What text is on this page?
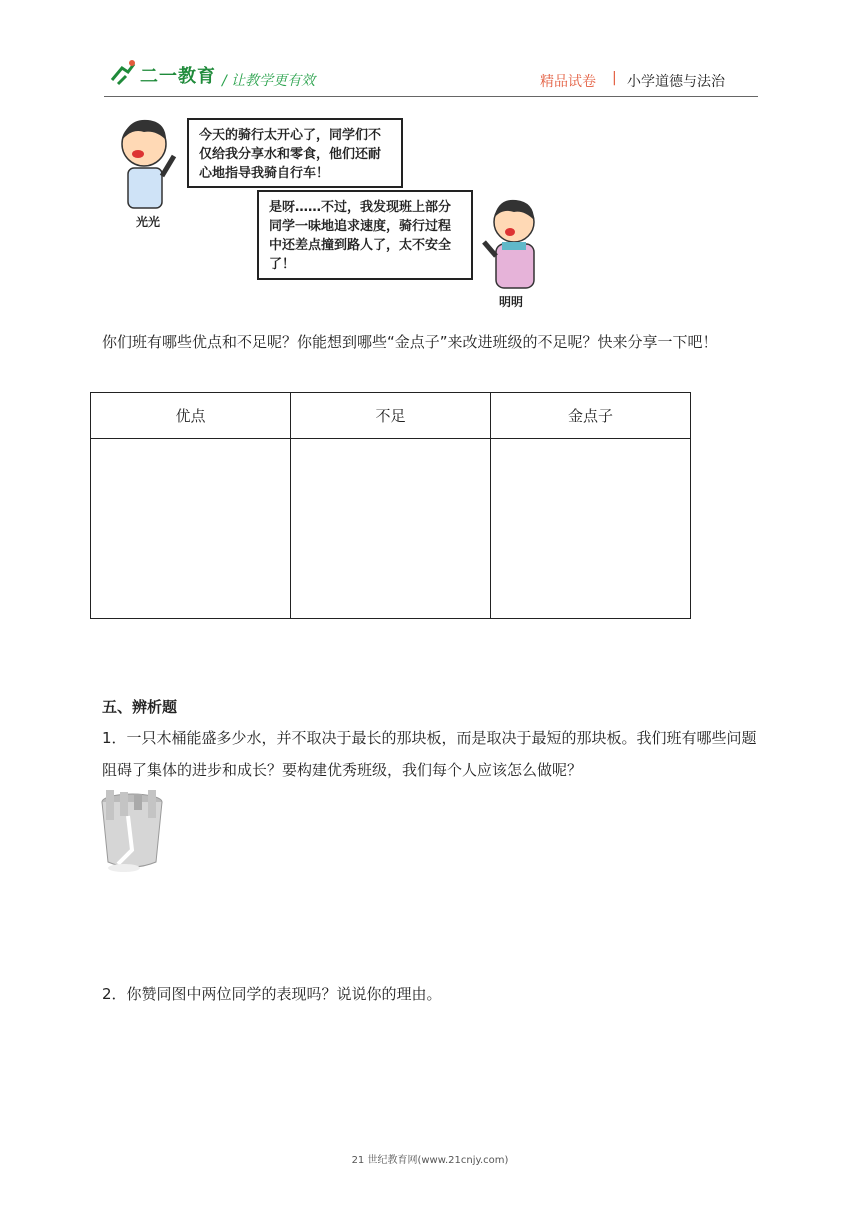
二一教育 / 让教学更有效	精品试卷 | 小学道德与法治
今天的骑行太开心了，同学们不仅给我分享水和零食，他们还耐心地指导我骑自行车！
光光
是呀……不过，我发现班上部分同学一味地追求速度，骑行过程中还差点撞到路人了，太不安全了！
明明
你们班有哪些优点和不足呢？你能想到哪些“金点子”来改进班级的不足呢？快来分享一下吧！
优点	不足	金点子

五、辨析题
1．一只木桶能盛多少水，并不取决于最长的那块板，而是取决于最短的那块板。我们班有哪些问题阻碍了集体的进步和成长？要构建优秀班级，我们每个人应该怎么做呢？
2．你赞同图中两位同学的表现吗？说说你的理由。
21 世纪教育网(www.21cnjy.com)
